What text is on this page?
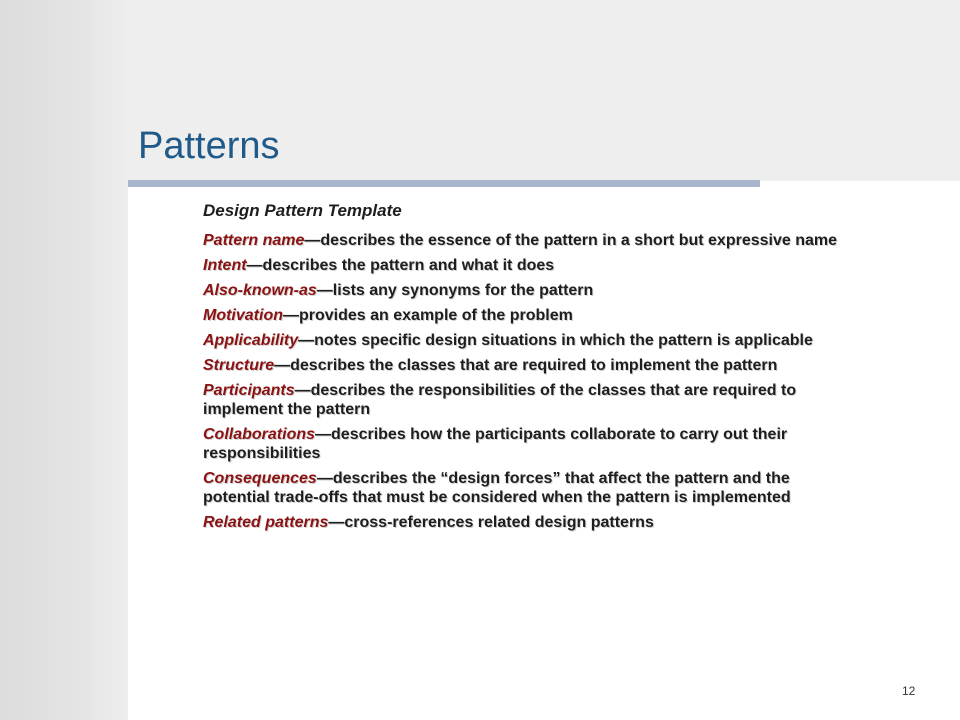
Patterns

Design Pattern Template

Pattern name—describes the essence of the pattern in a short but expressive name
Intent—describes the pattern and what it does
Also-known-as—lists any synonyms for the pattern
Motivation—provides an example of the problem
Applicability—notes specific design situations in which the pattern is applicable
Structure—describes the classes that are required to implement the pattern
Participants—describes the responsibilities of the classes that are required to implement the pattern
Collaborations—describes how the participants collaborate to carry out their responsibilities
Consequences—describes the “design forces” that affect the pattern and the potential trade-offs that must be considered when the pattern is implemented
Related patterns—cross-references related design patterns
12
